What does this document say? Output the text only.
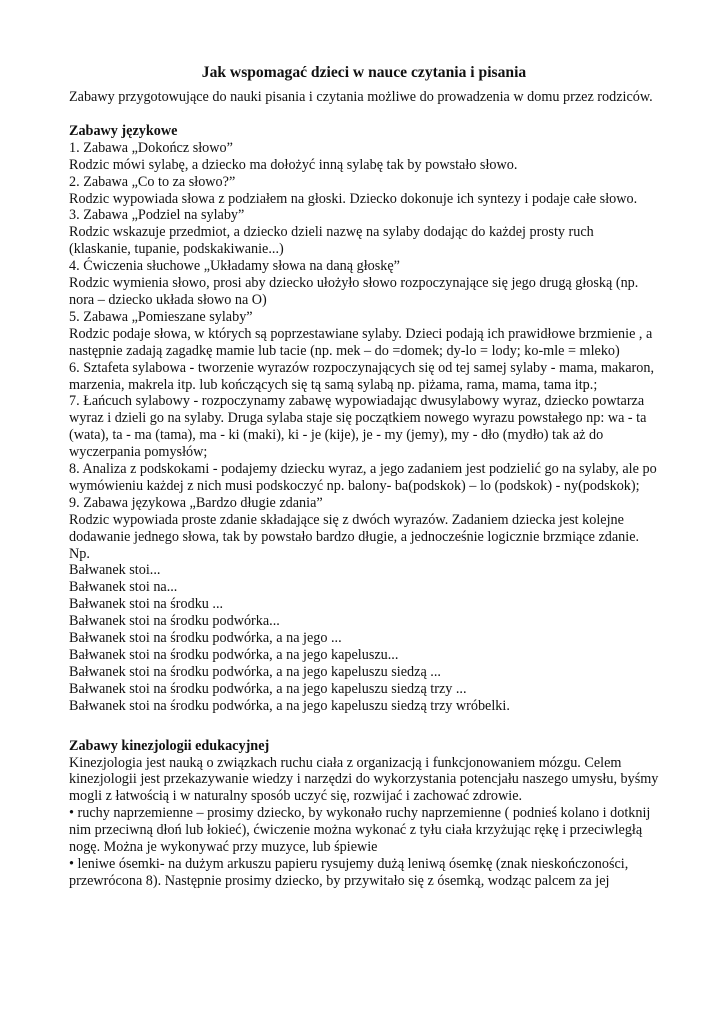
Jak wspomagać dzieci w nauce czytania i pisania

Zabawy przygotowujące do nauki pisania i czytania możliwe do prowadzenia w domu przez rodziców.

Zabawy językowe

1. Zabawa „Dokończ słowo”

Rodzic mówi sylabę, a dziecko ma dołożyć inną sylabę tak by powstało słowo.

2. Zabawa „Co to za słowo?”

Rodzic wypowiada słowa z podziałem na głoski. Dziecko dokonuje ich syntezy i podaje całe słowo.

3. Zabawa „Podziel na sylaby”

Rodzic wskazuje przedmiot, a dziecko dzieli nazwę na sylaby dodając do każdej prosty ruch (klaskanie, tupanie, podskakiwanie...)

4. Ćwiczenia słuchowe „Układamy słowa na daną głoskę”

Rodzic wymienia słowo, prosi aby dziecko ułożyło słowo rozpoczynające się jego drugą głoską (np. nora – dziecko układa słowo na O)

5. Zabawa „Pomieszane sylaby”

Rodzic podaje słowa, w których są poprzestawiane sylaby. Dzieci podają ich prawidłowe brzmienie , a następnie zadają zagadkę mamie lub tacie (np. mek – do =domek; dy-lo = lody; ko-mle = mleko)

6. Sztafeta sylabowa - tworzenie wyrazów rozpoczynających się od tej samej sylaby - mama, makaron, marzenia, makrela itp. lub kończących się tą samą sylabą np. piżama, rama, mama, tama itp.;

7. Łańcuch sylabowy - rozpoczynamy zabawę wypowiadając dwusylabowy wyraz, dziecko powtarza wyraz i dzieli go na sylaby. Druga sylaba staje się początkiem nowego wyrazu powstałego np: wa - ta (wata), ta - ma (tama), ma - ki (maki), ki - je (kije), je - my (jemy), my - dło (mydło) tak aż do wyczerpania pomysłów;

8. Analiza z podskokami - podajemy dziecku wyraz, a jego zadaniem jest podzielić go na sylaby, ale po wymówieniu każdej z nich musi podskoczyć np. balony- ba(podskok) – lo (podskok) - ny(podskok);

9. Zabawa językowa „Bardzo długie zdania”

Rodzic wypowiada proste zdanie składające się z dwóch wyrazów. Zadaniem dziecka jest kolejne dodawanie jednego słowa, tak by powstało bardzo długie, a jednocześnie logicznie brzmiące zdanie. Np.

Bałwanek stoi...

Bałwanek stoi na...

Bałwanek stoi na środku ...

Bałwanek stoi na środku podwórka...

Bałwanek stoi na środku podwórka, a na jego ...

Bałwanek stoi na środku podwórka, a na jego kapeluszu...

Bałwanek stoi na środku podwórka, a na jego kapeluszu siedzą ...

Bałwanek stoi na środku podwórka, a na jego kapeluszu siedzą trzy ...

Bałwanek stoi na środku podwórka, a na jego kapeluszu siedzą trzy wróbelki.

Zabawy kinezjologii edukacyjnej

Kinezjologia jest nauką o związkach ruchu ciała z organizacją i funkcjonowaniem mózgu. Celem kinezjologii jest przekazywanie wiedzy i narzędzi do wykorzystania potencjału naszego umysłu, byśmy mogli z łatwością i w naturalny sposób uczyć się, rozwijać i zachować zdrowie.

• ruchy naprzemienne – prosimy dziecko, by wykonało ruchy naprzemienne ( podnieś kolano i dotknij nim przeciwną dłoń lub łokieć), ćwiczenie można wykonać z tyłu ciała krzyżując rękę i przeciwległą nogę. Można je wykonywać przy muzyce, lub śpiewie

• leniwe ósemki- na dużym arkuszu papieru rysujemy dużą leniwą ósemkę (znak nieskończoności, przewrócona 8). Następnie prosimy dziecko, by przywitało się z ósemką, wodząc palcem za jej
